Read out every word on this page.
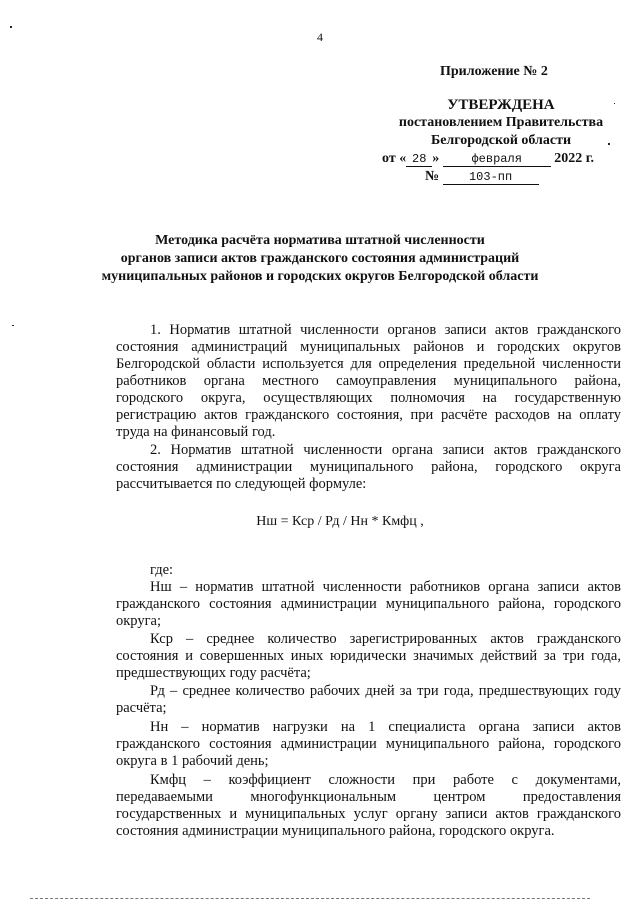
4
Приложение № 2
УТВЕРЖДЕНА
постановлением Правительства
Белгородской области
от « 28 »	февраля 2022 г.
№ 103-пп
Методика расчёта норматива штатной численности
органов записи актов гражданского состояния администраций
муниципальных районов и городских округов Белгородской области
1. Норматив штатной численности органов записи актов гражданского состояния администраций муниципальных районов и городских округов Белгородской области используется для определения предельной численности работников органа местного самоуправления муниципального района, городского округа, осуществляющих полномочия на государственную регистрацию актов гражданского состояния, при расчёте расходов на оплату труда на финансовый год.
2. Норматив штатной численности органа записи актов гражданского состояния администрации муниципального района, городского округа рассчитывается по следующей формуле:
Нш = Кср / Рд / Нн * Кмфц ,
где:
Нш – норматив штатной численности работников органа записи актов гражданского состояния администрации муниципального района, городского округа;
Кср – среднее количество зарегистрированных актов гражданского состояния и совершенных иных юридически значимых действий за три года, предшествующих году расчёта;
Рд – среднее количество рабочих дней за три года, предшествующих году расчёта;
Нн – норматив нагрузки на 1 специалиста органа записи актов гражданского состояния администрации муниципального района, городского округа в 1 рабочий день;
Кмфц – коэффициент сложности при работе с документами, передаваемыми многофункциональным центром предоставления государственных и муниципальных услуг органу записи актов гражданского состояния администрации муниципального района, городского округа.
